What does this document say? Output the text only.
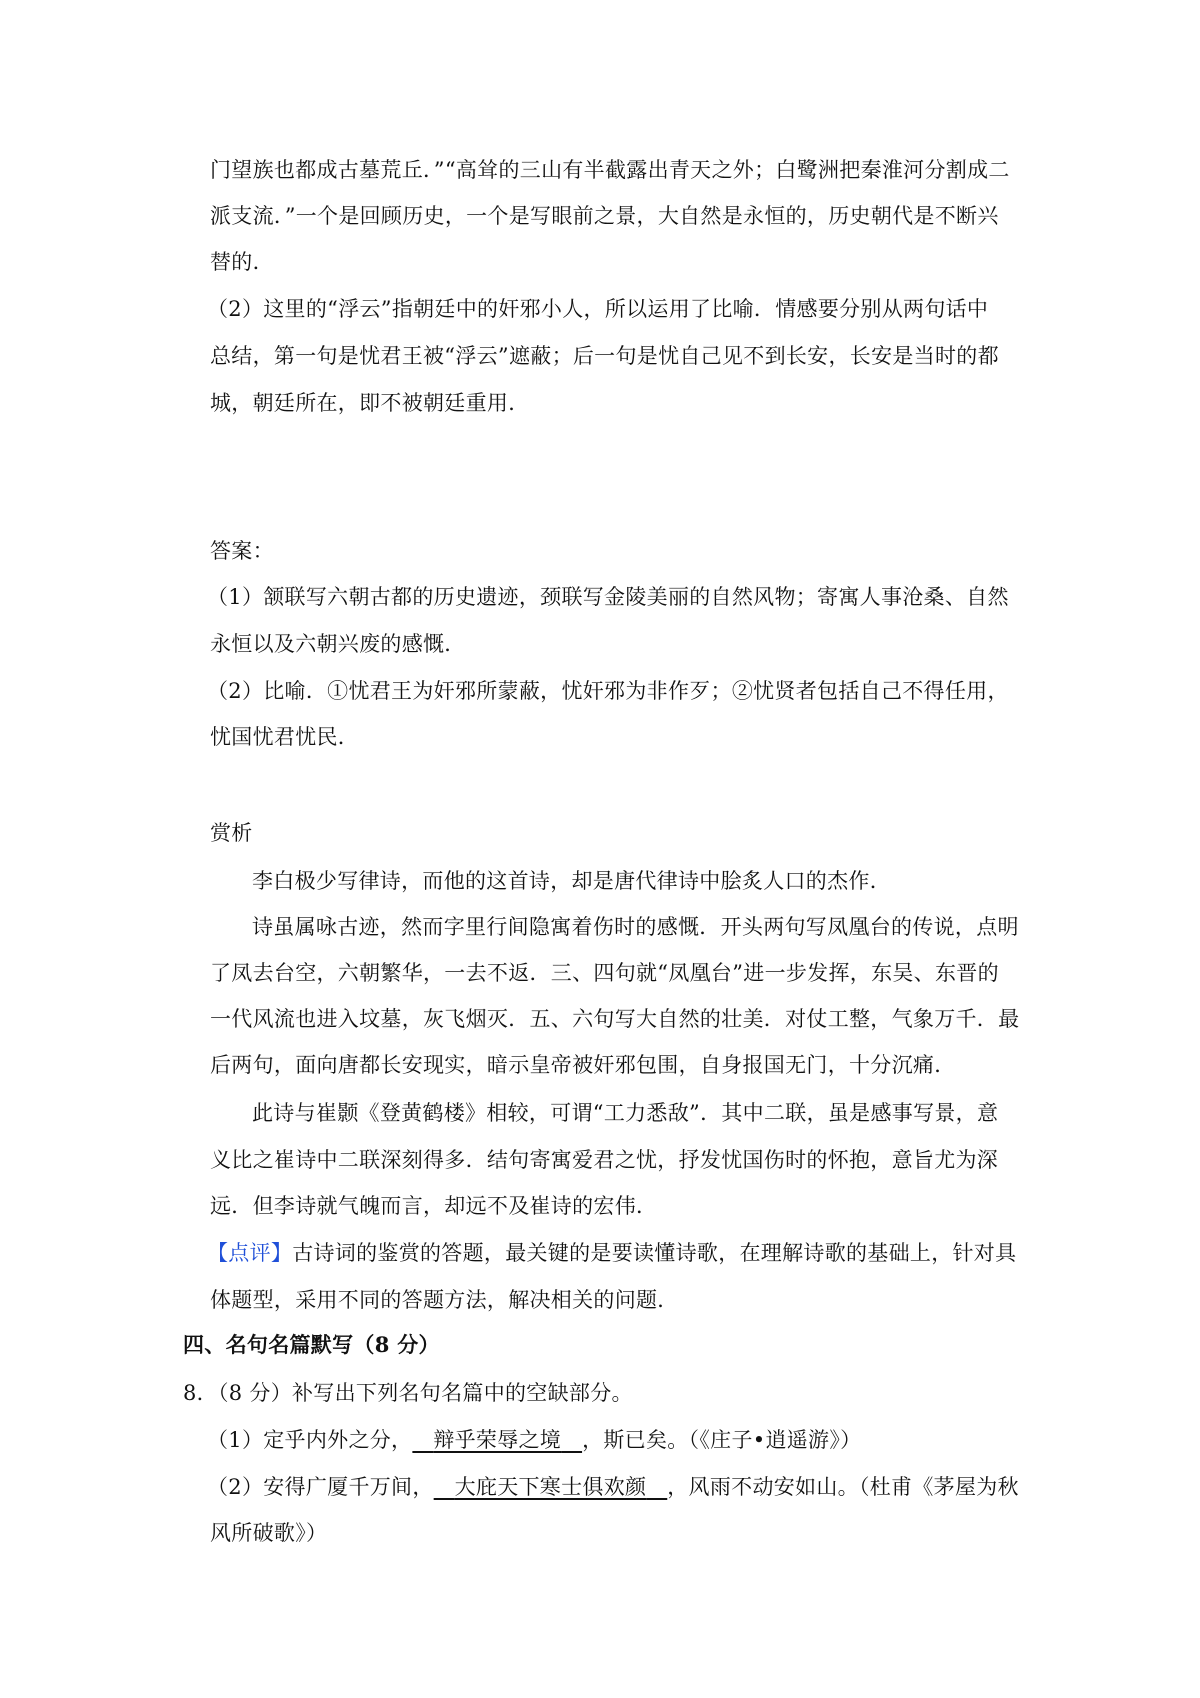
门望族也都成古墓荒丘．”“高耸的三山有半截露出青天之外；白鹭洲把秦淮河分割成二
派支流．”一个是回顾历史，一个是写眼前之景，大自然是永恒的，历史朝代是不断兴
替的．
（2）这里的“浮云”指朝廷中的奸邪小人，所以运用了比喻．情感要分别从两句话中
总结，第一句是忧君王被“浮云”遮蔽；后一句是忧自己见不到长安，长安是当时的都
城，朝廷所在，即不被朝廷重用．
答案：
（1）颔联写六朝古都的历史遗迹，颈联写金陵美丽的自然风物；寄寓人事沧桑、自然
永恒以及六朝兴废的感慨．
（2）比喻．①忧君王为奸邪所蒙蔽，忧奸邪为非作歹；②忧贤者包括自己不得任用，
忧国忧君忧民．
赏析
李白极少写律诗，而他的这首诗，却是唐代律诗中脍炙人口的杰作．
诗虽属咏古迹，然而字里行间隐寓着伤时的感慨．开头两句写凤凰台的传说，点明
了凤去台空，六朝繁华，一去不返．三、四句就“凤凰台”进一步发挥，东吴、东晋的
一代风流也进入坟墓，灰飞烟灭．五、六句写大自然的壮美．对仗工整，气象万千．最
后两句，面向唐都长安现实，暗示皇帝被奸邪包围，自身报国无门，十分沉痛．
此诗与崔颢《登黄鹤楼》相较，可谓“工力悉敌”．其中二联，虽是感事写景，意
义比之崔诗中二联深刻得多．结句寄寓爱君之忧，抒发忧国伤时的怀抱，意旨尤为深
远．但李诗就气魄而言，却远不及崔诗的宏伟．
【点评】古诗词的鉴赏的答题，最关键的是要读懂诗歌，在理解诗歌的基础上，针对具
体题型，采用不同的答题方法，解决相关的问题．
四、名句名篇默写（8 分）
8．（8 分）补写出下列名句名篇中的空缺部分。
（1）定乎内外之分， 辩乎荣辱之境 ，斯已矣。（《庄子•逍遥游》）
（2）安得广厦千万间， 大庇天下寒士俱欢颜 ，风雨不动安如山。（杜甫《茅屋为秋
风所破歌》）
